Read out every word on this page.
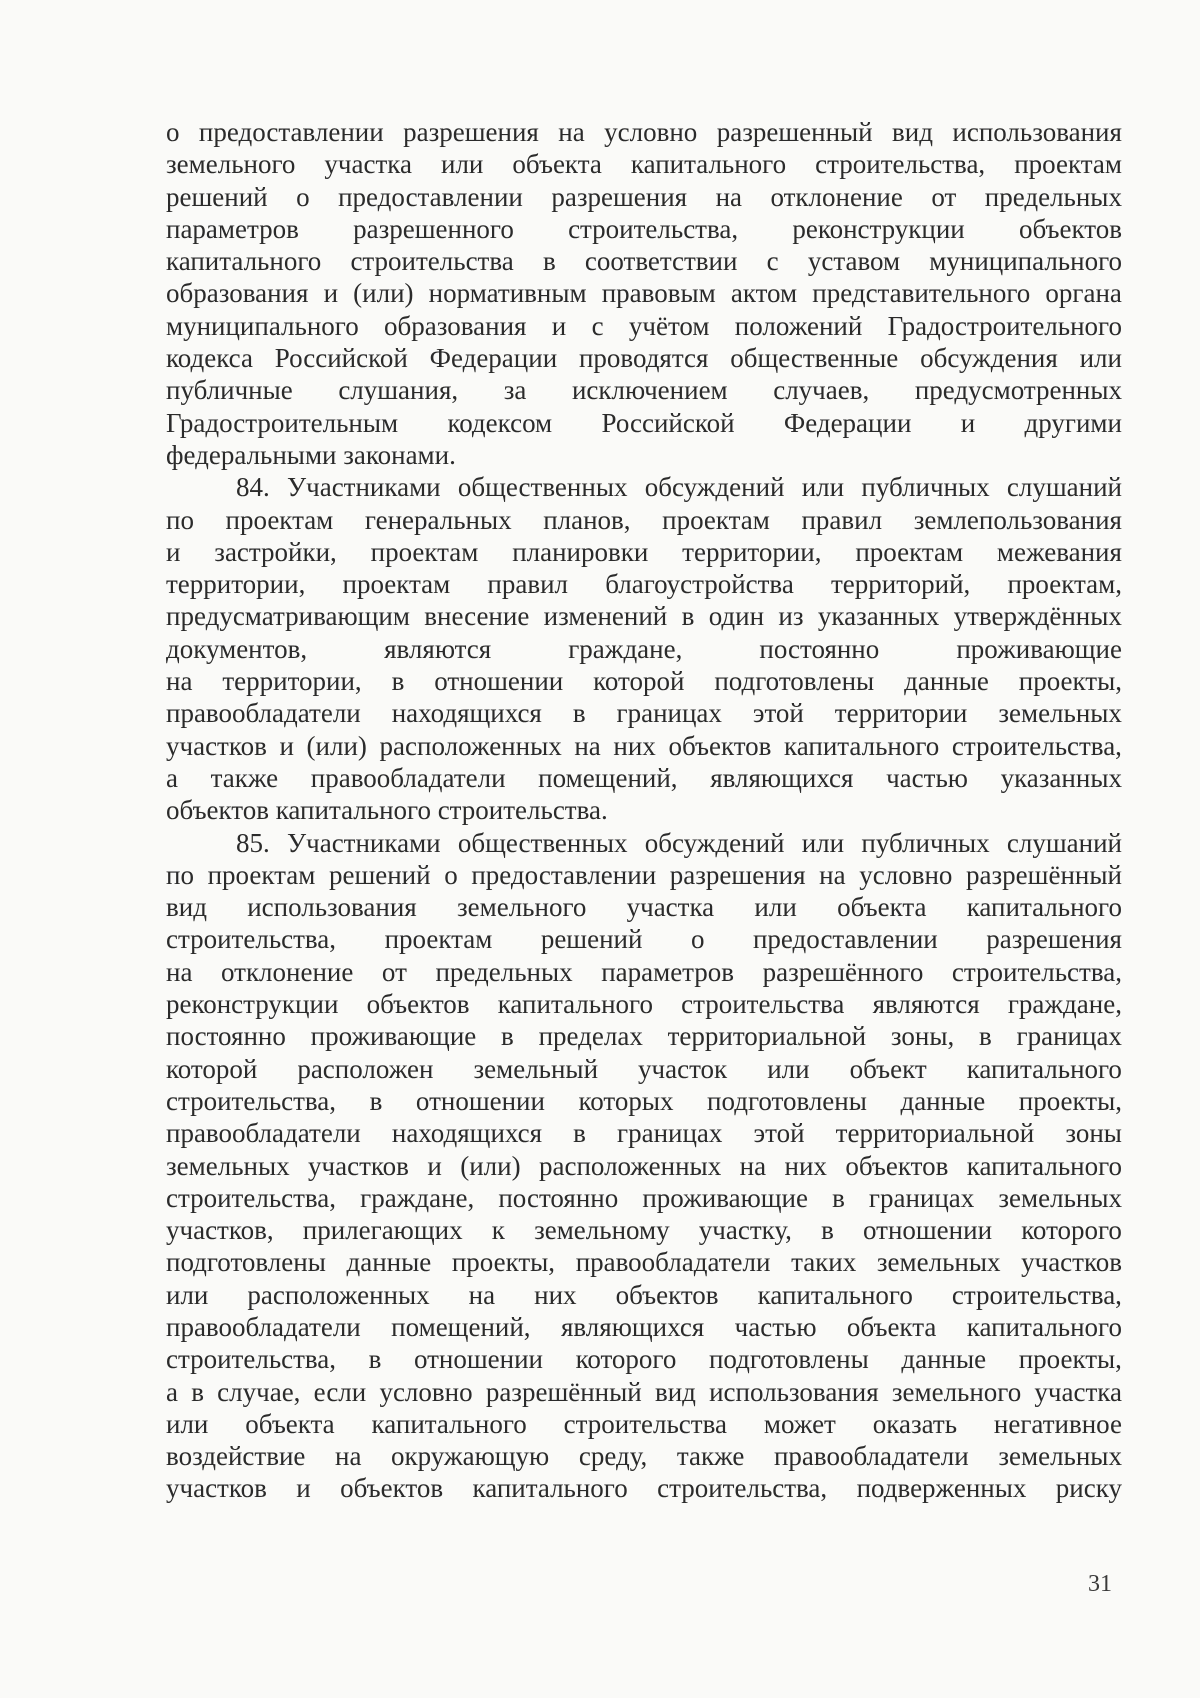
о предоставлении разрешения на условно разрешенный вид использования
земельного участка или объекта капитального строительства, проектам
решений о предоставлении разрешения на отклонение от предельных
параметров разрешенного строительства, реконструкции объектов
капитального строительства в соответствии с уставом муниципального
образования и (или) нормативным правовым актом представительного органа
муниципального образования и с учётом положений Градостроительного
кодекса Российской Федерации проводятся общественные обсуждения или
публичные слушания, за исключением случаев, предусмотренных
Градостроительным кодексом Российской Федерации и другими
федеральными законами.
84. Участниками общественных обсуждений или публичных слушаний
по проектам генеральных планов, проектам правил землепользования
и застройки, проектам планировки территории, проектам межевания
территории, проектам правил благоустройства территорий, проектам,
предусматривающим внесение изменений в один из указанных утверждённых
документов,	являются	граждане,	постоянно	проживающие
на территории, в отношении которой подготовлены данные проекты,
правообладатели находящихся в границах этой территории земельных
участков и (или) расположенных на них объектов капитального строительства,
а также правообладатели помещений, являющихся частью указанных
объектов капитального строительства.
85. Участниками общественных обсуждений или публичных слушаний
по проектам решений о предоставлении разрешения на условно разрешённый
вид использования земельного участка или объекта капитального
строительства, проектам решений о предоставлении разрешения
на отклонение от предельных параметров разрешённого строительства,
реконструкции объектов капитального строительства являются граждане,
постоянно проживающие в пределах территориальной зоны, в границах
которой расположен земельный участок или объект капитального
строительства, в отношении которых подготовлены данные проекты,
правообладатели находящихся в границах этой территориальной зоны
земельных участков и (или) расположенных на них объектов капитального
строительства, граждане, постоянно проживающие в границах земельных
участков, прилегающих к земельному участку, в отношении которого
подготовлены данные проекты, правообладатели таких земельных участков
или расположенных на них объектов капитального строительства,
правообладатели помещений, являющихся частью объекта капитального
строительства, в отношении которого подготовлены данные проекты,
а в случае, если условно разрешённый вид использования земельного участка
или объекта капитального строительства может оказать негативное
воздействие на окружающую среду, также правообладатели земельных
участков и объектов капитального строительства, подверженных риску
31
